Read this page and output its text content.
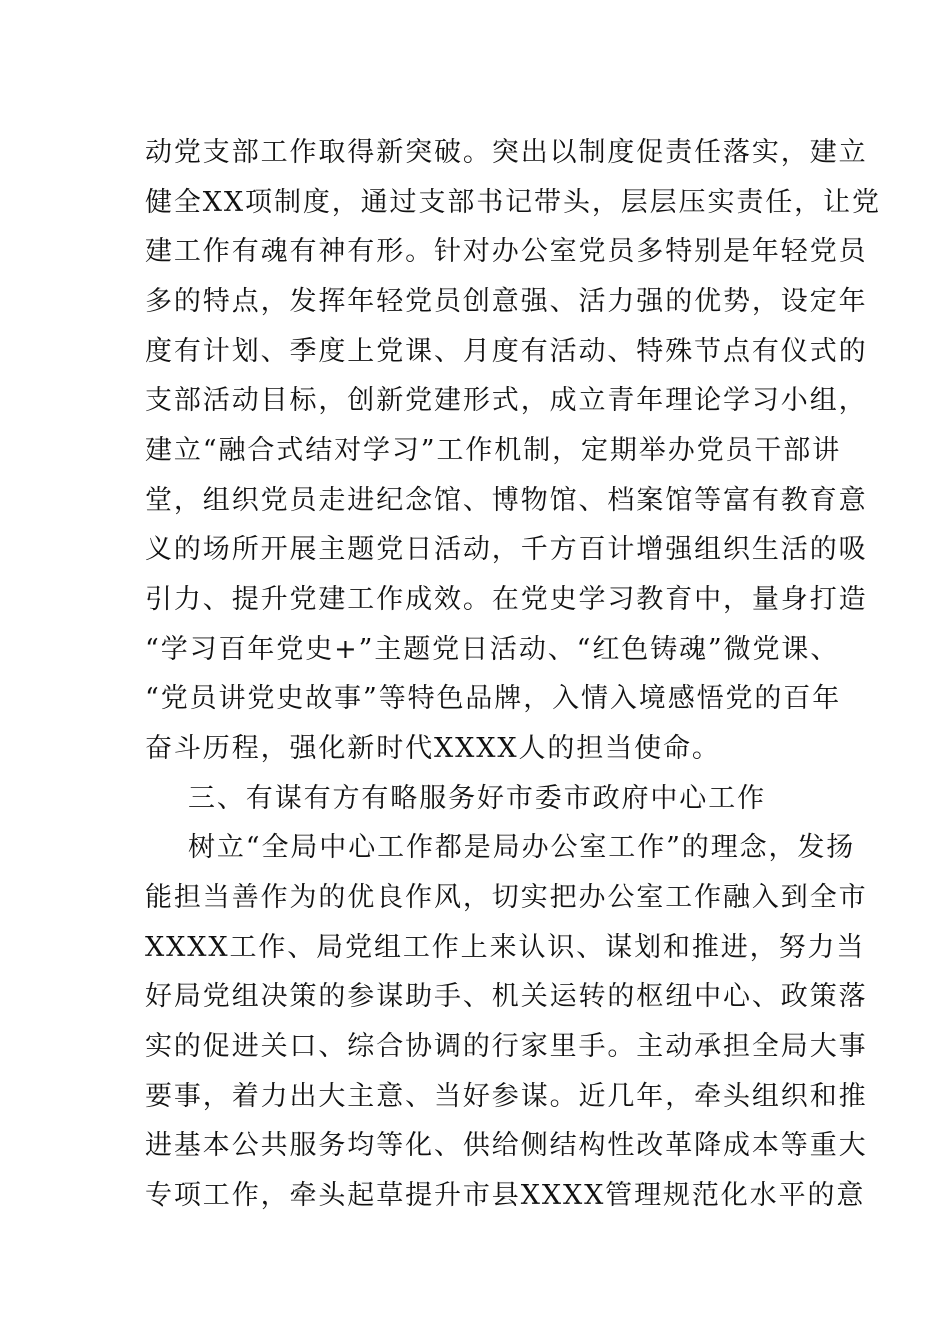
动党支部工作取得新突破。突出以制度促责任落实，建立
健全XX项制度，通过支部书记带头，层层压实责任，让党
建工作有魂有神有形。针对办公室党员多特别是年轻党员
多的特点，发挥年轻党员创意强、活力强的优势，设定年
度有计划、季度上党课、月度有活动、特殊节点有仪式的
支部活动目标，创新党建形式，成立青年理论学习小组，
建立“融合式结对学习”工作机制，定期举办党员干部讲
堂，组织党员走进纪念馆、博物馆、档案馆等富有教育意
义的场所开展主题党日活动，千方百计增强组织生活的吸
引力、提升党建工作成效。在党史学习教育中，量身打造
“学习百年党史+”主题党日活动、“红色铸魂”微党课、
“党员讲党史故事”等特色品牌，入情入境感悟党的百年
奋斗历程，强化新时代XXXX人的担当使命。
三、有谋有方有略服务好市委市政府中心工作
树立“全局中心工作都是局办公室工作”的理念，发扬
能担当善作为的优良作风，切实把办公室工作融入到全市
XXXX工作、局党组工作上来认识、谋划和推进，努力当
好局党组决策的参谋助手、机关运转的枢纽中心、政策落
实的促进关口、综合协调的行家里手。主动承担全局大事
要事，着力出大主意、当好参谋。近几年，牵头组织和推
进基本公共服务均等化、供给侧结构性改革降成本等重大
专项工作，牵头起草提升市县XXXX管理规范化水平的意
